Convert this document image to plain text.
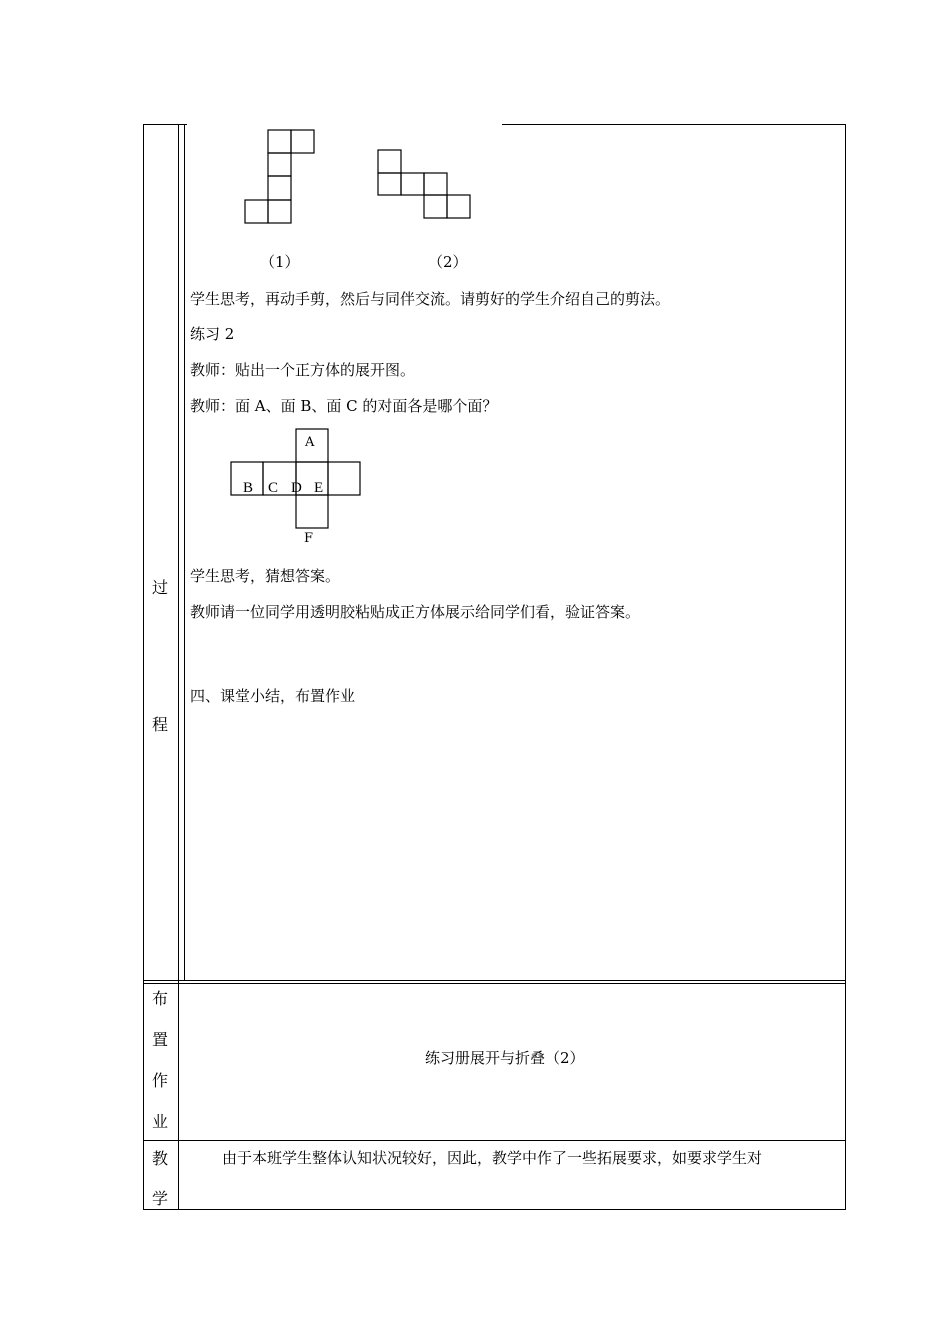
过
程
（1）	（2）
学生思考，再动手剪，然后与同伴交流。请剪好的学生介绍自己的剪法。
练习 2
教师：贴出一个正方体的展开图。
教师：面 A、面 B、面 C 的对面各是哪个面？
A
B C D E
F
学生思考，猜想答案。
教师请一位同学用透明胶粘贴成正方体展示给同学们看，验证答案。
四、课堂小结，布置作业
布
置
作
业
练习册展开与折叠（2）
教
学
由于本班学生整体认知状况较好，因此，教学中作了一些拓展要求，如要求学生对
